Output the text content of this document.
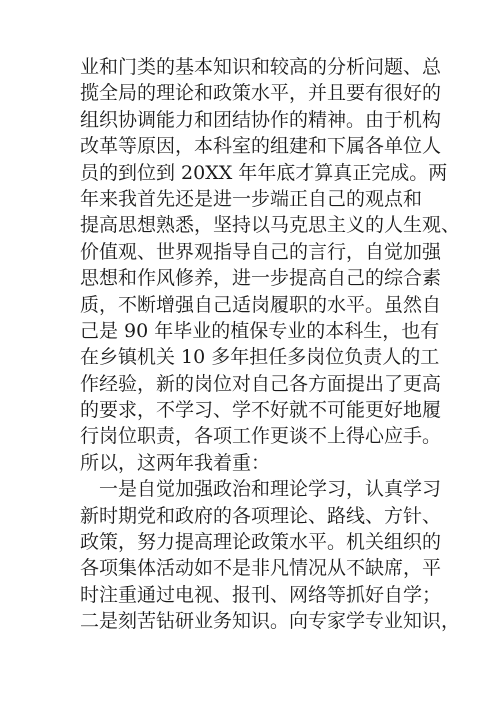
业和门类的基本知识和较高的分析问题、总
揽全局的理论和政策水平，并且要有很好的
组织协调能力和团结协作的精神。由于机构
改革等原因，本科室的组建和下属各单位人
员的到位到 20XX 年年底才算真正完成。两
年来我首先还是进一步端正自己的观点和
提高思想熟悉，坚持以马克思主义的人生观、
价值观、世界观指导自己的言行，自觉加强
思想和作风修养，进一步提高自己的综合素
质，不断增强自己适岗履职的水平。虽然自
己是 90 年毕业的植保专业的本科生，也有
在乡镇机关 10 多年担任多岗位负责人的工
作经验，新的岗位对自己各方面提出了更高
的要求，不学习、学不好就不可能更好地履
行岗位职责，各项工作更谈不上得心应手。
所以，这两年我着重：
一是自觉加强政治和理论学习，认真学习
新时期党和政府的各项理论、路线、方针、
政策，努力提高理论政策水平。机关组织的
各项集体活动如不是非凡情况从不缺席，平
时注重通过电视、报刊、网络等抓好自学；
二是刻苦钻研业务知识。向专家学专业知识，
